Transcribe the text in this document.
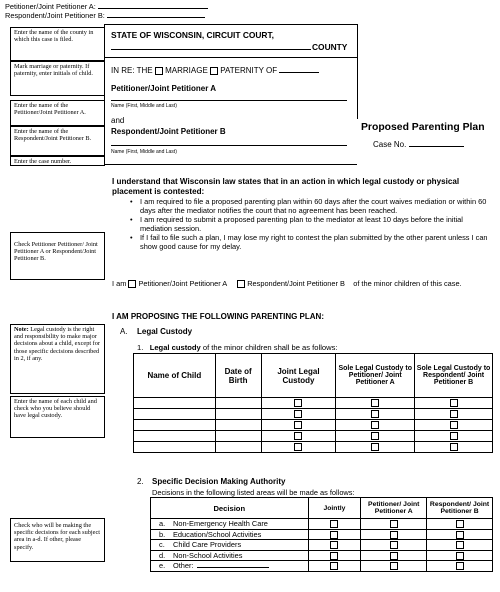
Petitioner/Joint Petitioner A:
Respondent/Joint Petitioner B:
Enter the name of the county in which this case is filed.
Mark marriage or paternity. If paternity, enter initials of child.
Enter the name of the Petitioner/Joint Petitioner A.
Enter the name of the Respondent/Joint Petitioner B.
Enter the case number.
STATE OF WISCONSIN, CIRCUIT COURT,
COUNTY
IN RE: THE MARRIAGE PATERNITY OF
Petitioner/Joint Petitioner A
Name (First, Middle and Last)
and
Respondent/Joint Petitioner B
Name (First, Middle and Last)
Proposed Parenting Plan
Case No.
I understand that Wisconsin law states that in an action in which legal custody or physical placement is contested:
• I am required to file a proposed parenting plan within 60 days after the court waives mediation or within 60 days after the mediator notifies the court that no agreement has been reached.
• I am required to submit a proposed parenting plan to the mediator at least 10 days before the initial mediation session.
• If I fail to file such a plan, I may lose my right to contest the plan submitted by the other parent unless I can show good cause for my delay.
Check Petitioner Petitioner/ Joint Petitioner A or Respondent/Joint Petitioner B.
I am Petitioner/Joint Petitioner A	Respondent/Joint Petitioner B of the minor children of this case.
I AM PROPOSING THE FOLLOWING PARENTING PLAN:
Note: Legal custody is the right and responsibility to make major decisions about a child, except for those specific decisions described in 2, if any.
Enter the name of each child and check who you believe should have legal custody.
A. Legal Custody
1. Legal custody of the minor children shall be as follows:
Name of Child	Date of Birth	Joint Legal Custody	Sole Legal Custody to Petitioner/ Joint Petitioner A	Sole Legal Custody to Respondent/ Joint Petitioner B

2. Specific Decision Making Authority
Decisions in the following listed areas will be made as follows:
Check who will be making the specific decisions for each subject area in a-d. If other, please specify.
Decision	Jointly	Petitioner/ Joint Petitioner A	Respondent/ Joint Petitioner B
a. Non-Emergency Health Care			
b. Education/School Activities			
c. Child Care Providers			
d. Non-School Activities			
e. Other:			
